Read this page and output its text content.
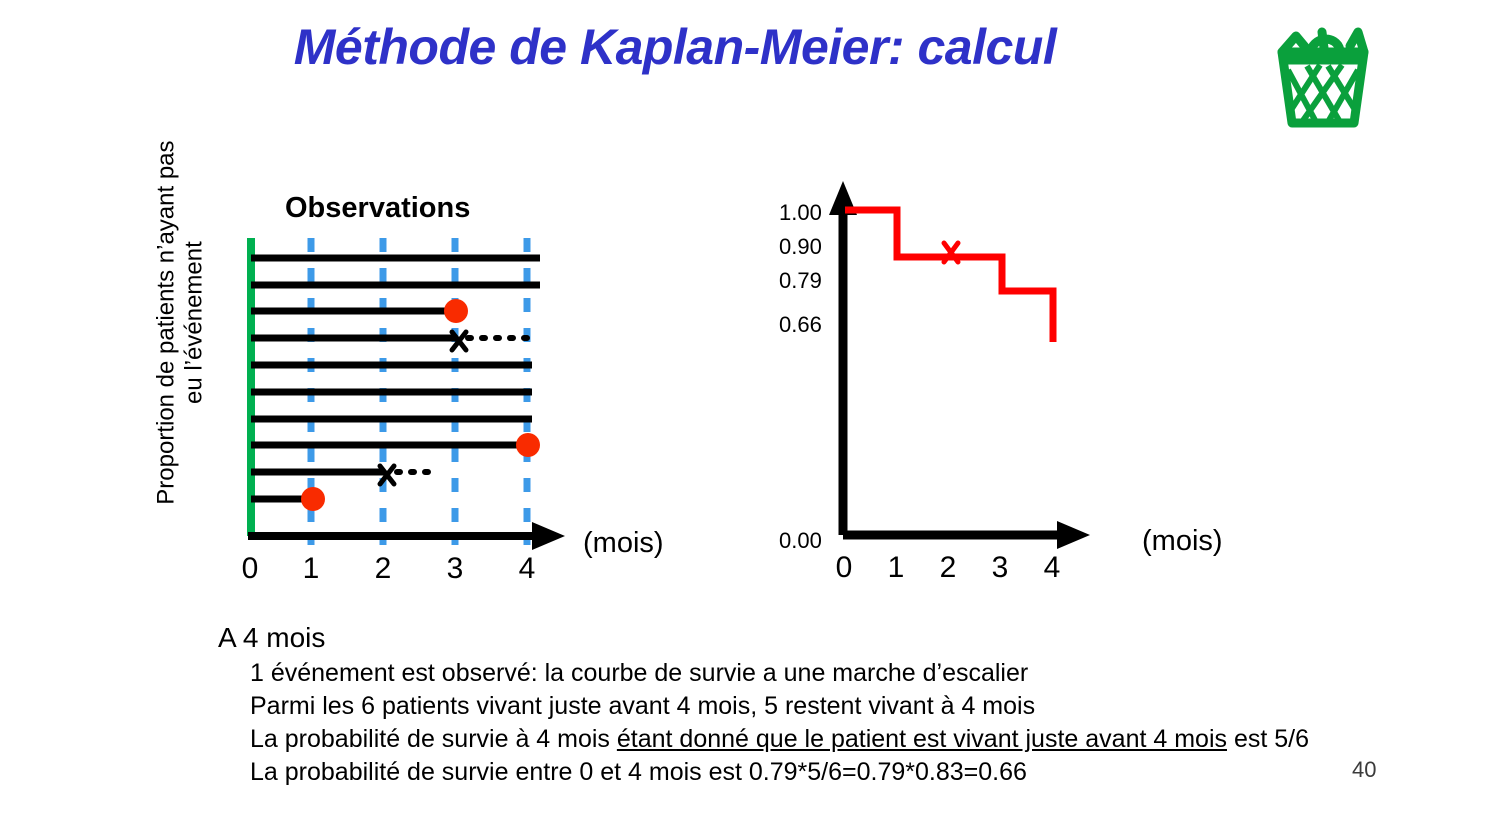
Méthode de Kaplan-Meier: calcul
Observations
0 1 2 3 4
(mois)
1.00
0.90
0.79
0.66
0.00
0 1 2 3 4
(mois)
Proportion de patients n’ayant pas eu l’événement
A 4 mois
1 événement est observé: la courbe de survie a une marche d’escalier
Parmi les 6 patients vivant juste avant 4 mois, 5 restent vivant à 4 mois
La probabilité de survie à 4 mois étant donné que le patient est vivant juste avant 4 mois est 5/6
La probabilité de survie entre 0 et 4 mois est 0.79*5/6=0.79*0.83=0.66	40
